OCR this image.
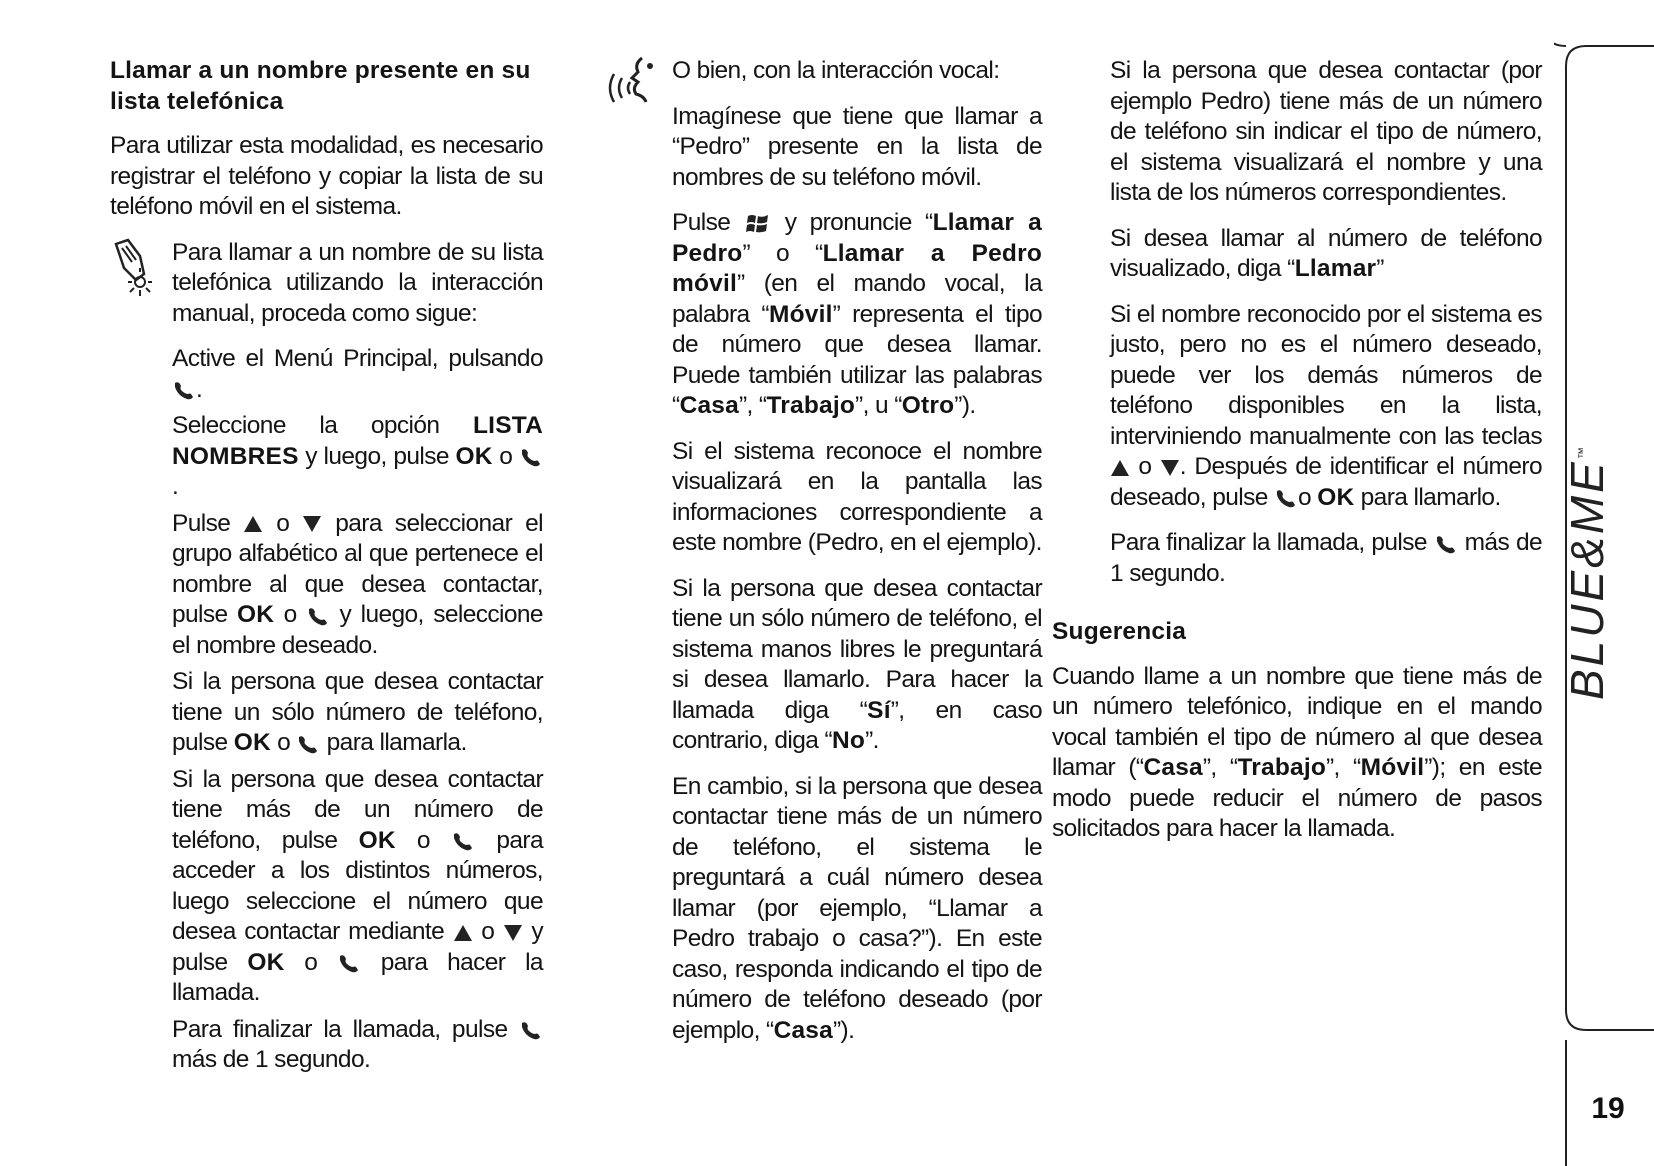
BLUE&ME™
19
Llamar a un nombre presente en su lista telefónica

Para utilizar esta modalidad, es necesario registrar el teléfono y copiar la lista de su teléfono móvil en el sistema.

Para llamar a un nombre de su lista telefónica utilizando la interacción manual, proceda como sigue:

Active el Menú Principal, pulsando .

Seleccione la opción LISTA NOMBRES y luego, pulse OK o .

Pulse o para seleccionar el grupo alfabético al que pertenece el nombre al que desea contactar, pulse OK o y luego, seleccione el nombre deseado.

Si la persona que desea contactar tiene un sólo número de teléfono, pulse OK o para llamarla.

Si la persona que desea contactar tiene más de un número de teléfono, pulse OK o	para acceder a los distintos números, luego seleccione el número que desea contactar mediante o y pulse OK o	para hacer la llamada.

Para finalizar la llamada, pulse  más de 1 segundo.

O bien, con la interacción vocal:

Imagínese que tiene que llamar a “Pedro” presente en la lista de nombres de su teléfono móvil.

Pulse y pronuncie “Llamar a Pedro” o “Llamar a Pedro móvil” (en el mando vocal, la palabra “Móvil” representa el tipo de número que desea llamar. Puede también utilizar las palabras “Casa”, “Trabajo”, u “Otro”).

Si el sistema reconoce el nombre visualizará en la pantalla las informaciones correspondiente a este nombre (Pedro, en el ejemplo).

Si la persona que desea contactar tiene un sólo número de teléfono, el sistema manos libres le preguntará si desea llamarlo. Para hacer la llamada diga “Sí”, en caso contrario, diga “No”.

En cambio, si la persona que desea contactar tiene más de un número de teléfono, el sistema le preguntará a cuál número desea llamar (por ejemplo, “Llamar a Pedro trabajo o casa?”). En este caso, responda indicando el tipo de número de teléfono deseado (por ejemplo, “Casa”).

Si la persona que desea contactar (por ejemplo Pedro) tiene más de un número de teléfono sin indicar el tipo de número, el sistema visualizará el nombre y una lista de los números correspondientes.

Si desea llamar al número de teléfono visualizado, diga “Llamar”

Si el nombre reconocido por el sistema es justo, pero no es el número deseado, puede ver los demás números de teléfono disponibles en la lista, interviniendo manualmente con las teclas  o . Después de identificar el número deseado, pulse o OK para llamarlo.

Para finalizar la llamada, pulse más de 1 segundo.

Sugerencia

Cuando llame a un nombre que tiene más de un número telefónico, indique en el mando vocal también el tipo de número al que desea llamar (“Casa”, “Trabajo”, “Móvil”); en este modo puede reducir el número de pasos solicitados para hacer la llamada.
